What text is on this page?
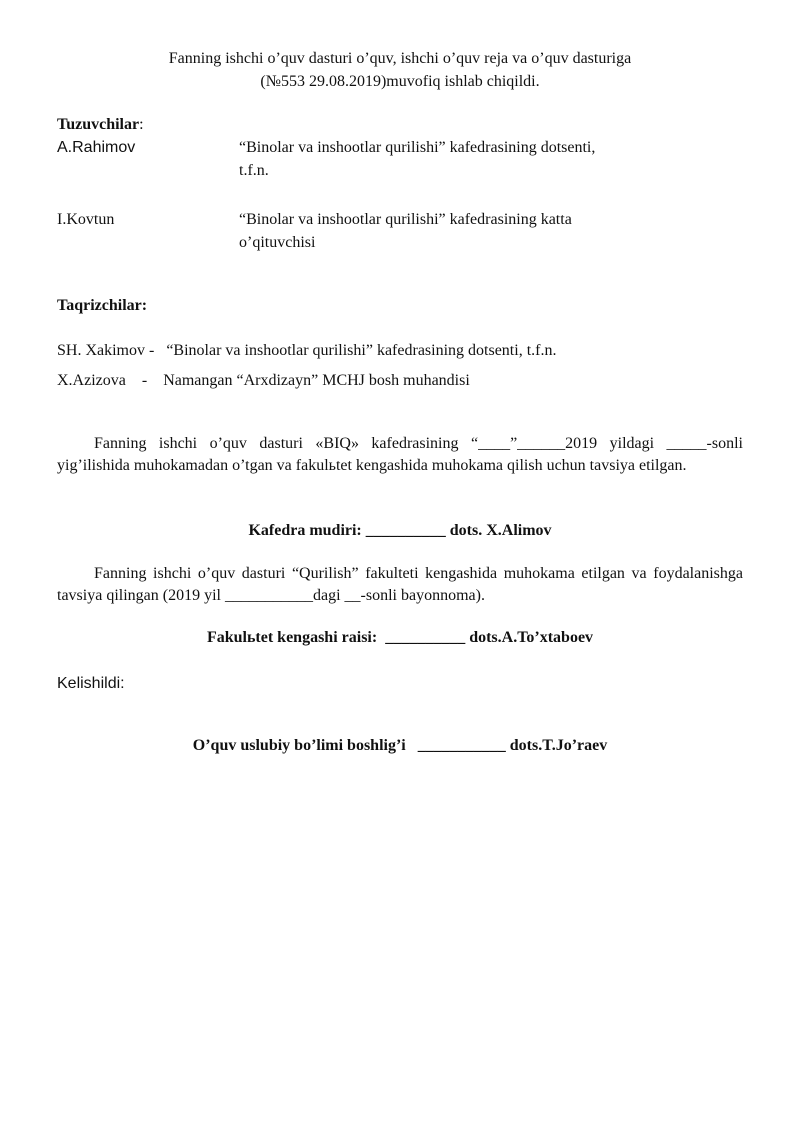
Fanning ishchi o’quv dasturi o’quv, ishchi o’quv reja va o’quv dasturiga
(№553 29.08.2019)muvofiq ishlab chiqildi.
Tuzuvchilar:
A.Rahimov	“Binolar va inshootlar qurilishi” kafedrasining dotsenti,
t.f.n.
I.Kovtun	“Binolar va inshootlar qurilishi” kafedrasining katta
o’qituvchisi
Taqrizchilar:
SH. Xakimov - “Binolar va inshootlar qurilishi” kafedrasining dotsenti, t.f.n.
X.Azizova    - Namangan “Arxdizayn” MCHJ bosh muhandisi
Fanning ishchi o’quv dasturi «BIQ» kafedrasining “____”______2019 yildagi _____-sonli yig’ilishida muhokamadan o’tgan va fakulьtet kengashida muhokama qilish uchun tavsiya etilgan.
Kafedra mudiri: __________ dots. X.Alimov
Fanning ishchi o’quv dasturi “Qurilish” fakulteti kengashida muhokama etilgan va foydalanishga tavsiya qilingan (2019 yil ___________dagi __-sonli bayonnoma).
Fakulьtet kengashi raisi: __________ dots.A.To’xtaboev
Kelishildi:
O’quv uslubiy bo’limi boshlig’i ___________ dots.T.Jo’raev
